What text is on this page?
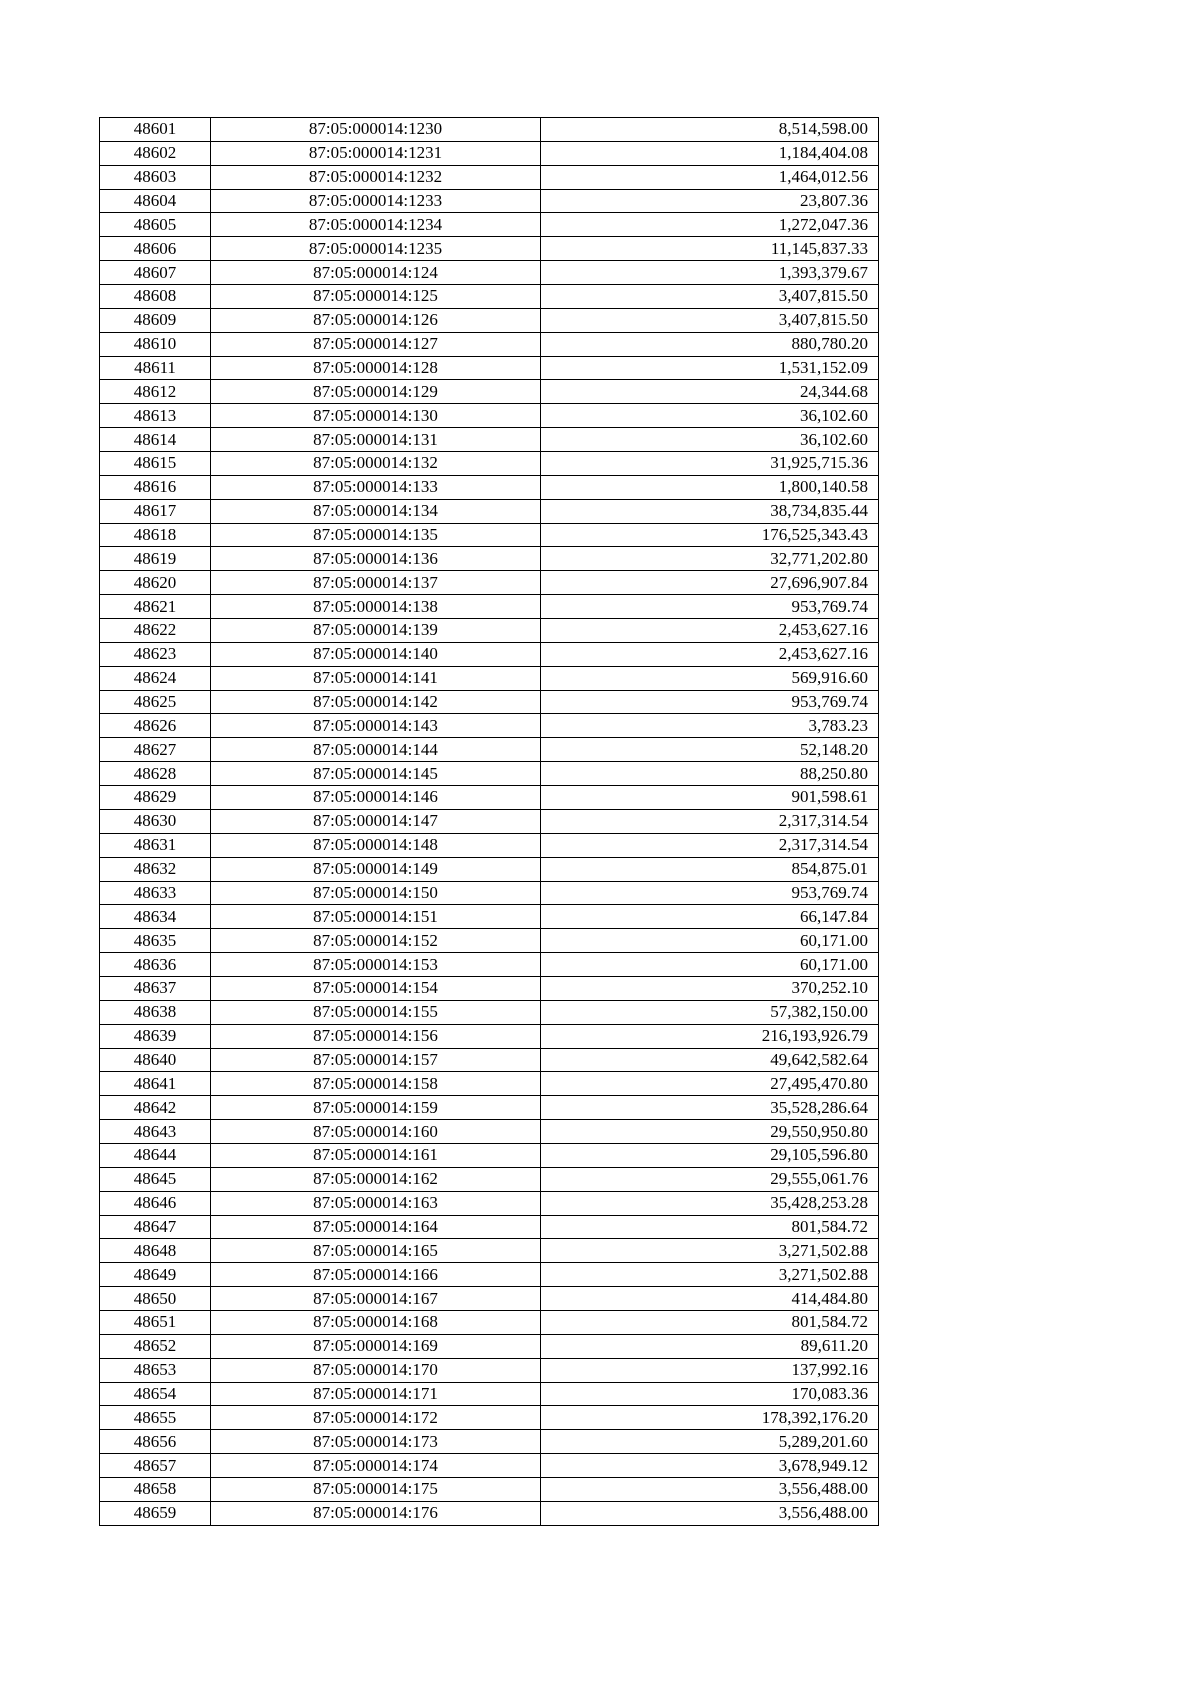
48601	87:05:000014:1230	8,514,598.00
48602	87:05:000014:1231	1,184,404.08
48603	87:05:000014:1232	1,464,012.56
48604	87:05:000014:1233	23,807.36
48605	87:05:000014:1234	1,272,047.36
48606	87:05:000014:1235	11,145,837.33
48607	87:05:000014:124	1,393,379.67
48608	87:05:000014:125	3,407,815.50
48609	87:05:000014:126	3,407,815.50
48610	87:05:000014:127	880,780.20
48611	87:05:000014:128	1,531,152.09
48612	87:05:000014:129	24,344.68
48613	87:05:000014:130	36,102.60
48614	87:05:000014:131	36,102.60
48615	87:05:000014:132	31,925,715.36
48616	87:05:000014:133	1,800,140.58
48617	87:05:000014:134	38,734,835.44
48618	87:05:000014:135	176,525,343.43
48619	87:05:000014:136	32,771,202.80
48620	87:05:000014:137	27,696,907.84
48621	87:05:000014:138	953,769.74
48622	87:05:000014:139	2,453,627.16
48623	87:05:000014:140	2,453,627.16
48624	87:05:000014:141	569,916.60
48625	87:05:000014:142	953,769.74
48626	87:05:000014:143	3,783.23
48627	87:05:000014:144	52,148.20
48628	87:05:000014:145	88,250.80
48629	87:05:000014:146	901,598.61
48630	87:05:000014:147	2,317,314.54
48631	87:05:000014:148	2,317,314.54
48632	87:05:000014:149	854,875.01
48633	87:05:000014:150	953,769.74
48634	87:05:000014:151	66,147.84
48635	87:05:000014:152	60,171.00
48636	87:05:000014:153	60,171.00
48637	87:05:000014:154	370,252.10
48638	87:05:000014:155	57,382,150.00
48639	87:05:000014:156	216,193,926.79
48640	87:05:000014:157	49,642,582.64
48641	87:05:000014:158	27,495,470.80
48642	87:05:000014:159	35,528,286.64
48643	87:05:000014:160	29,550,950.80
48644	87:05:000014:161	29,105,596.80
48645	87:05:000014:162	29,555,061.76
48646	87:05:000014:163	35,428,253.28
48647	87:05:000014:164	801,584.72
48648	87:05:000014:165	3,271,502.88
48649	87:05:000014:166	3,271,502.88
48650	87:05:000014:167	414,484.80
48651	87:05:000014:168	801,584.72
48652	87:05:000014:169	89,611.20
48653	87:05:000014:170	137,992.16
48654	87:05:000014:171	170,083.36
48655	87:05:000014:172	178,392,176.20
48656	87:05:000014:173	5,289,201.60
48657	87:05:000014:174	3,678,949.12
48658	87:05:000014:175	3,556,488.00
48659	87:05:000014:176	3,556,488.00
